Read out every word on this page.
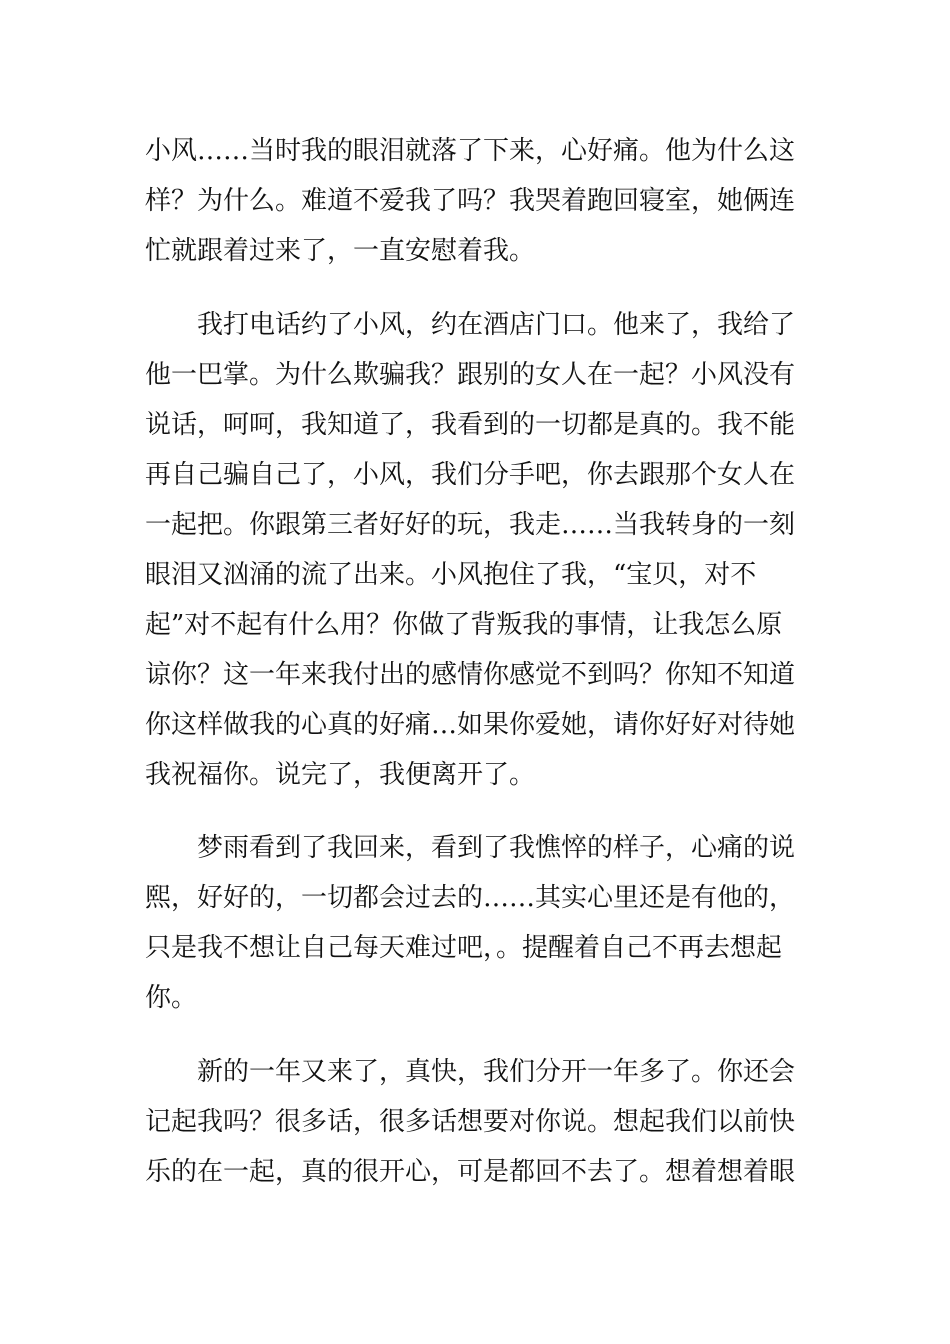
小风……当时我的眼泪就落了下来，心好痛。他为什么这
样？为什么。难道不爱我了吗？我哭着跑回寝室，她俩连
忙就跟着过来了，一直安慰着我。
我打电话约了小风，约在酒店门口。他来了，我给了
他一巴掌。为什么欺骗我？跟别的女人在一起？小风没有
说话，呵呵，我知道了，我看到的一切都是真的。我不能
再自己骗自己了，小风，我们分手吧，你去跟那个女人在
一起把。你跟第三者好好的玩，我走……当我转身的一刻
眼泪又汹涌的流了出来。小风抱住了我，“宝贝，对不
起”对不起有什么用？你做了背叛我的事情，让我怎么原
谅你？这一年来我付出的感情你感觉不到吗？你知不知道
你这样做我的心真的好痛…如果你爱她，请你好好对待她
我祝福你。说完了，我便离开了。
梦雨看到了我回来，看到了我憔悴的样子，心痛的说
熙，好好的，一切都会过去的……其实心里还是有他的，
只是我不想让自己每天难过吧，。提醒着自己不再去想起
你。
新的一年又来了，真快，我们分开一年多了。你还会
记起我吗？很多话，很多话想要对你说。想起我们以前快
乐的在一起，真的很开心，可是都回不去了。想着想着眼
